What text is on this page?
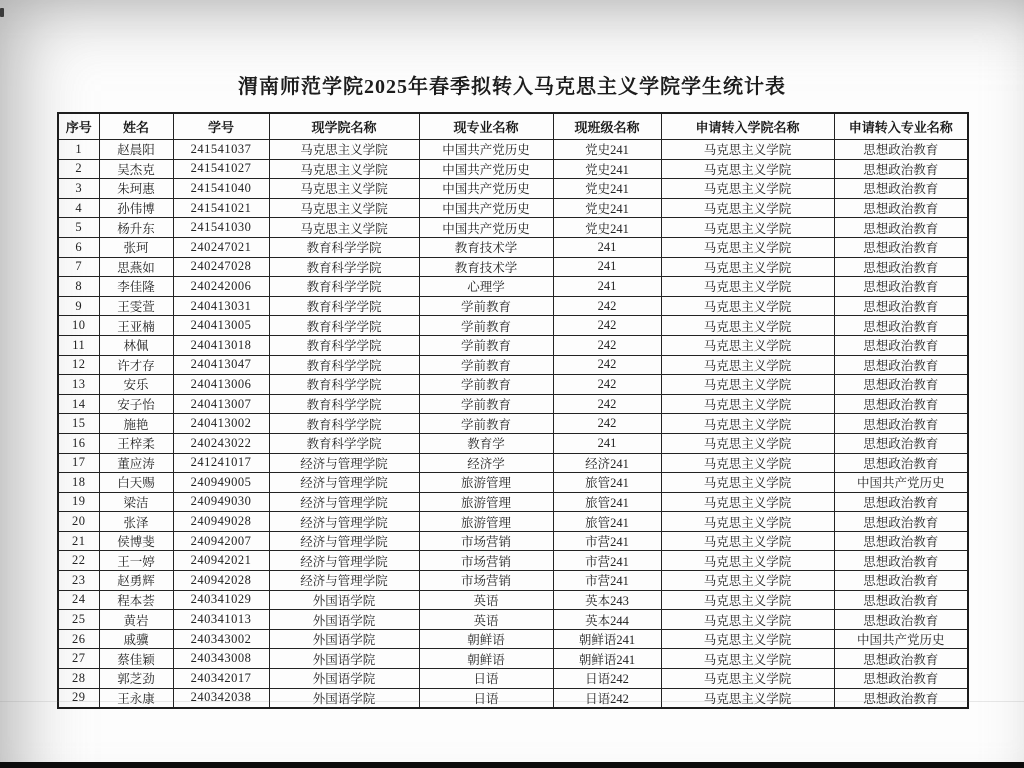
渭南师范学院2025年春季拟转入马克思主义学院学生统计表
序号	姓名	学号	现学院名称	现专业名称	现班级名称	申请转入学院名称	申请转入专业名称
1	赵晨阳	241541037	马克思主义学院	中国共产党历史	党史241	马克思主义学院	思想政治教育
2	吴杰克	241541027	马克思主义学院	中国共产党历史	党史241	马克思主义学院	思想政治教育
3	朱珂惠	241541040	马克思主义学院	中国共产党历史	党史241	马克思主义学院	思想政治教育
4	孙伟博	241541021	马克思主义学院	中国共产党历史	党史241	马克思主义学院	思想政治教育
5	杨升东	241541030	马克思主义学院	中国共产党历史	党史241	马克思主义学院	思想政治教育
6	张珂	240247021	教育科学学院	教育技术学	241	马克思主义学院	思想政治教育
7	思燕如	240247028	教育科学学院	教育技术学	241	马克思主义学院	思想政治教育
8	李佳隆	240242006	教育科学学院	心理学	241	马克思主义学院	思想政治教育
9	王雯萱	240413031	教育科学学院	学前教育	242	马克思主义学院	思想政治教育
10	王亚楠	240413005	教育科学学院	学前教育	242	马克思主义学院	思想政治教育
11	林佩	240413018	教育科学学院	学前教育	242	马克思主义学院	思想政治教育
12	许才存	240413047	教育科学学院	学前教育	242	马克思主义学院	思想政治教育
13	安乐	240413006	教育科学学院	学前教育	242	马克思主义学院	思想政治教育
14	安子怡	240413007	教育科学学院	学前教育	242	马克思主义学院	思想政治教育
15	施艳	240413002	教育科学学院	学前教育	242	马克思主义学院	思想政治教育
16	王梓柔	240243022	教育科学学院	教育学	241	马克思主义学院	思想政治教育
17	董应涛	241241017	经济与管理学院	经济学	经济241	马克思主义学院	思想政治教育
18	白天赐	240949005	经济与管理学院	旅游管理	旅管241	马克思主义学院	中国共产党历史
19	梁洁	240949030	经济与管理学院	旅游管理	旅管241	马克思主义学院	思想政治教育
20	张泽	240949028	经济与管理学院	旅游管理	旅管241	马克思主义学院	思想政治教育
21	侯博斐	240942007	经济与管理学院	市场营销	市营241	马克思主义学院	思想政治教育
22	王一婷	240942021	经济与管理学院	市场营销	市营241	马克思主义学院	思想政治教育
23	赵勇辉	240942028	经济与管理学院	市场营销	市营241	马克思主义学院	思想政治教育
24	程本荟	240341029	外国语学院	英语	英本243	马克思主义学院	思想政治教育
25	黄岩	240341013	外国语学院	英语	英本244	马克思主义学院	思想政治教育
26	戚骥	240343002	外国语学院	朝鲜语	朝鲜语241	马克思主义学院	中国共产党历史
27	蔡佳颖	240343008	外国语学院	朝鲜语	朝鲜语241	马克思主义学院	思想政治教育
28	郭芝劲	240342017	外国语学院	日语	日语242	马克思主义学院	思想政治教育
29	王永康	240342038	外国语学院	日语	日语242	马克思主义学院	思想政治教育
